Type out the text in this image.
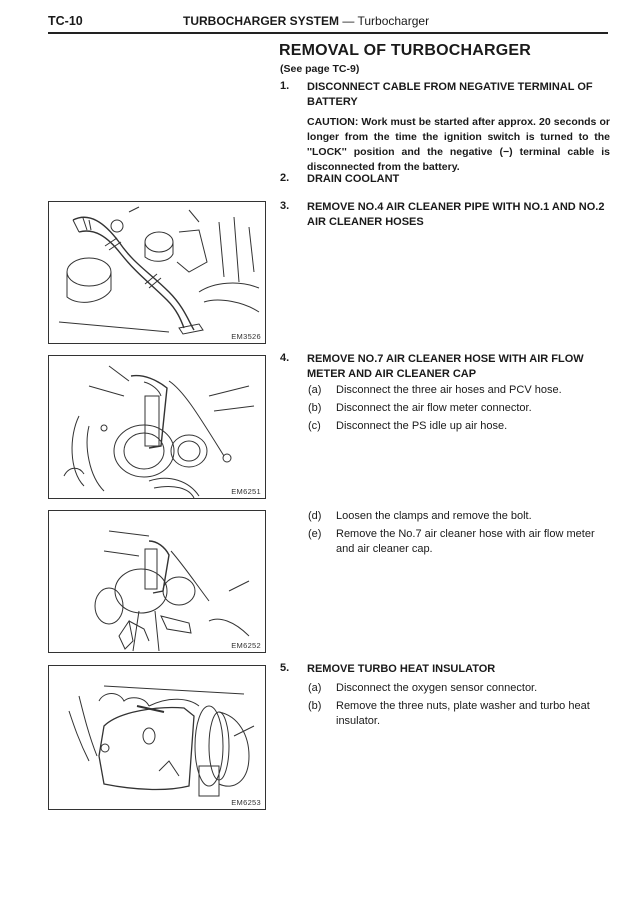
TC-10	TURBOCHARGER SYSTEM — Turbocharger
REMOVAL OF TURBOCHARGER
(See page TC-9)
1. DISCONNECT CABLE FROM NEGATIVE TERMINAL OF BATTERY
CAUTION: Work must be started after approx. 20 seconds or longer from the time the ignition switch is turned to the ''LOCK'' position and the negative (−) terminal cable is disconnected from the battery.
2. DRAIN COOLANT
3. REMOVE NO.4 AIR CLEANER PIPE WITH NO.1 AND NO.2 AIR CLEANER HOSES
4. REMOVE NO.7 AIR CLEANER HOSE WITH AIR FLOW METER AND AIR CLEANER CAP
(a) Disconnect the three air hoses and PCV hose.
(b) Disconnect the air flow meter connector.
(c) Disconnect the PS idle up air hose.
(d) Loosen the clamps and remove the bolt.
(e) Remove the No.7 air cleaner hose with air flow meter and air cleaner cap.
5. REMOVE TURBO HEAT INSULATOR
(a) Disconnect the oxygen sensor connector.
(b) Remove the three nuts, plate washer and turbo heat insulator.
EM3526
EM6251
EM6252
EM6253
